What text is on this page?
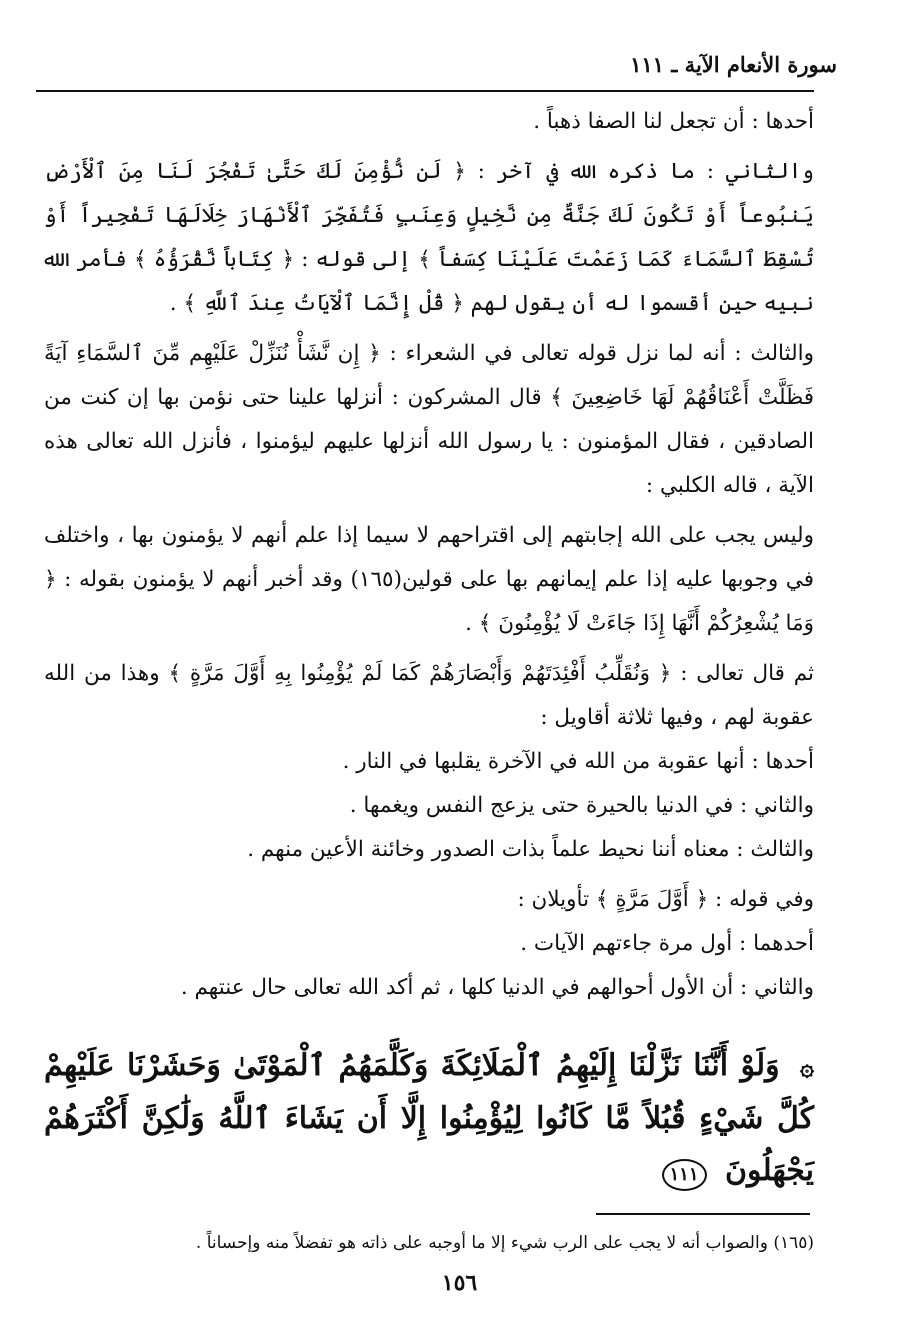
سورة الأنعام الآية ـ ١١١

أحدها : أن تجعل لنا الصفا ذهباً .

والثاني : ما ذكره الله في آخر : ﴿ لَن نُّؤْمِنَ لَكَ حَتَّىٰ تَفْجُرَ لَنَا مِنَ ٱلْأَرْضِ يَنبُوعاً أَوْ تَكُونَ لَكَ جَنَّةٌ مِن نَّخِيلٍ وَعِنَبٍ فَتُفَجِّرَ ٱلْأَنْهَارَ خِلَالَهَا تَفْجِيراً أَوْ تُسْقِطَ ٱلسَّمَاءَ كَمَا زَعَمْتَ عَلَيْنَا كِسَفاً ﴾ إلى قوله : ﴿ كِتَاباً نَّقْرَؤُهُ ﴾ فأمر الله نبيه حين أقسموا له أن يقول لهم ﴿ قُلْ إِنَّمَا ٱلْآيَاتُ عِندَ ٱللَّهِ ﴾ .

والثالث : أنه لما نزل قوله تعالى في الشعراء : ﴿ إِن نَّشَأْ نُنَزِّلْ عَلَيْهِم مِّنَ ٱلسَّمَاءِ آيَةً فَظَلَّتْ أَعْنَاقُهُمْ لَهَا خَاضِعِينَ ﴾ قال المشركون : أنزلها علينا حتى نؤمن بها إن كنت من الصادقين ، فقال المؤمنون : يا رسول الله أنزلها عليهم ليؤمنوا ، فأنزل الله تعالى هذه الآية ، قاله الكلبي :

وليس يجب على الله إجابتهم إلى اقتراحهم لا سيما إذا علم أنهم لا يؤمنون بها ، واختلف في وجوبها عليه إذا علم إيمانهم بها على قولين(١٦٥) وقد أخبر أنهم لا يؤمنون بقوله : ﴿ وَمَا يُشْعِرُكُمْ أَنَّهَا إِذَا جَاءَتْ لَا يُؤْمِنُونَ ﴾ .

ثم قال تعالى : ﴿ وَنُقَلِّبُ أَفْئِدَتَهُمْ وَأَبْصَارَهُمْ كَمَا لَمْ يُؤْمِنُوا بِهِ أَوَّلَ مَرَّةٍ ﴾ وهذا من الله عقوبة لهم ، وفيها ثلاثة أقاويل :

أحدها : أنها عقوبة من الله في الآخرة يقلبها في النار .

والثاني : في الدنيا بالحيرة حتى يزعج النفس ويغمها .

والثالث : معناه أننا نحيط علماً بذات الصدور وخائنة الأعين منهم .

وفي قوله : ﴿ أَوَّلَ مَرَّةٍ ﴾ تأويلان :

أحدهما : أول مرة جاءتهم الآيات .

والثاني : أن الأول أحوالهم في الدنيا كلها ، ثم أكد الله تعالى حال عنتهم .

۞ وَلَوْ أَنَّنَا نَزَّلْنَا إِلَيْهِمُ ٱلْمَلَائِكَةَ وَكَلَّمَهُمُ ٱلْمَوْتَىٰ وَحَشَرْنَا عَلَيْهِمْ كُلَّ شَيْءٍ قُبُلاً مَّا كَانُوا لِيُؤْمِنُوا إِلَّا أَن يَشَاءَ ٱللَّهُ وَلَٰكِنَّ أَكْثَرَهُمْ يَجْهَلُونَ ١١١
(١٦٥) والصواب أنه لا يجب على الرب شيء إلا ما أوجبه على ذاته هو تفضلاً منه وإحساناً .
١٥٦
